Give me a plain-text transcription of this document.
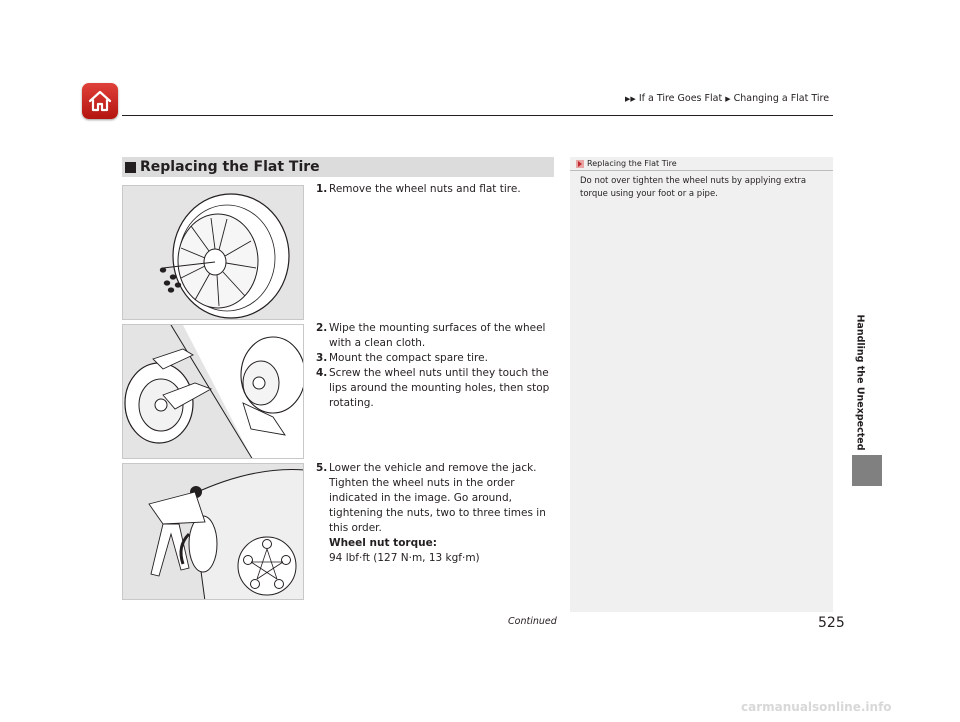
▶▶ If a Tire Goes Flat ▶ Changing a Flat Tire
Handling the Unexpected
Replacing the Flat Tire	Replacing the Flat Tire
Do not over tighten the wheel nuts by applying extra torque using your foot or a pipe.
1. Remove the wheel nuts and flat tire.
2. Wipe the mounting surfaces of the wheel with a clean cloth.
3. Mount the compact spare tire.
4. Screw the wheel nuts until they touch the lips around the mounting holes, then stop rotating.
5. Lower the vehicle and remove the jack. Tighten the wheel nuts in the order indicated in the image. Go around, tightening the nuts, two to three times in this order.
Wheel nut torque:
94 lbf·ft (127 N·m, 13 kgf·m)
Continued	525
carmanualsonline.info
